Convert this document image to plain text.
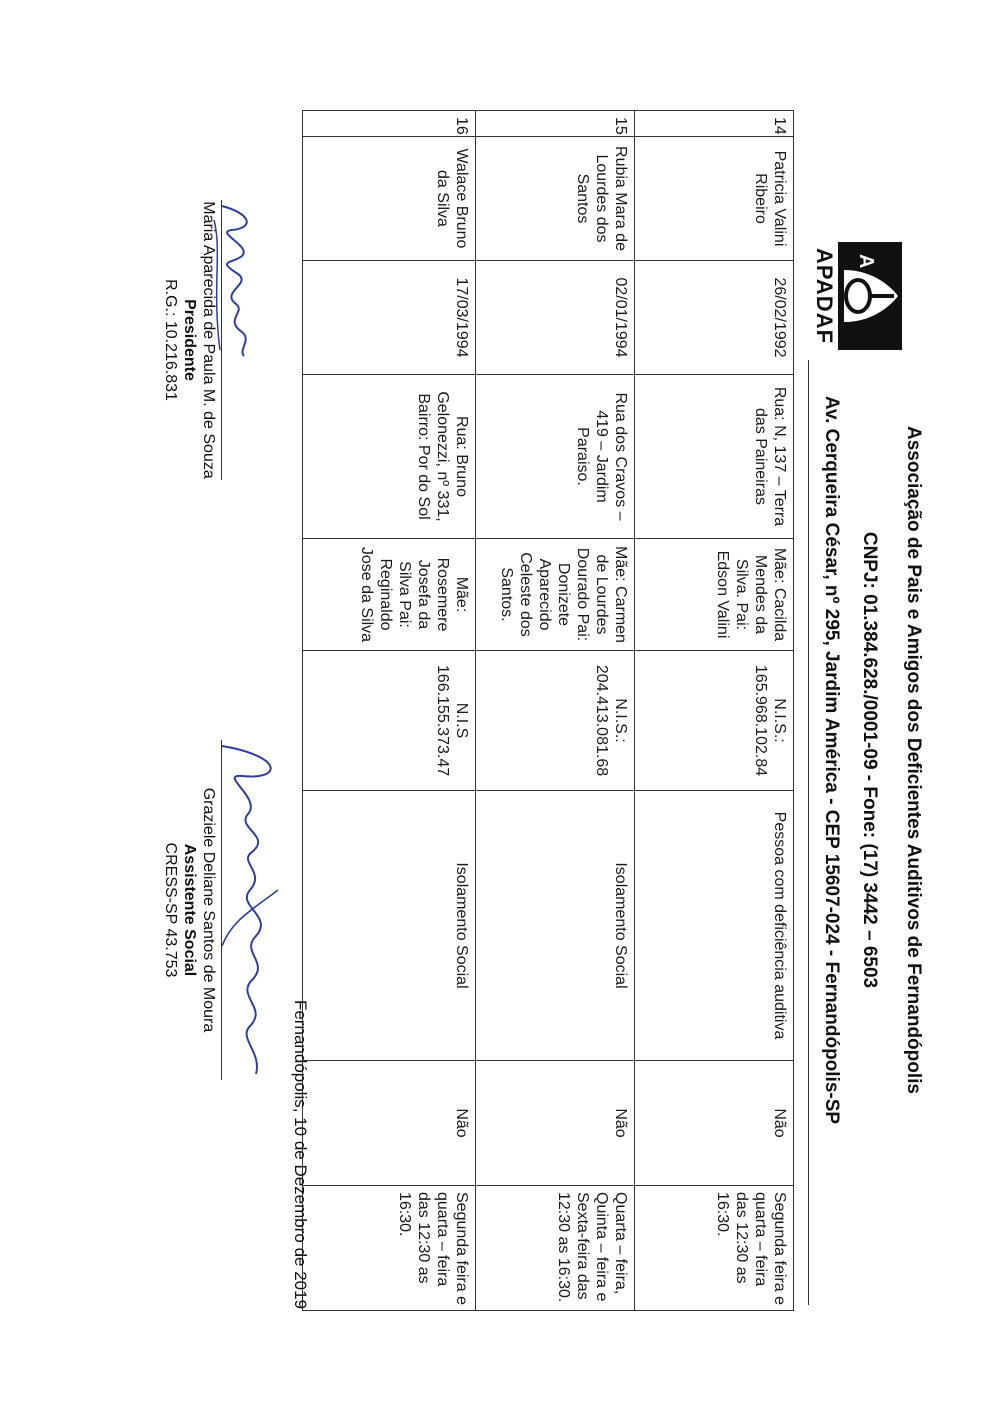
A
APADAF
Associação de Pais e Amigos dos Deficientes Auditivos de Fernandópolis
CNPJ: 01.384.628./0001-09 - Fone: (17) 3442 – 6503
Av. Cerqueira César, nº 295, Jardim América - CEP 15607-024 - Fernandópolis-SP
14	Patricia Valini Ribeiro	26/02/1992	Rua: N, 137 – Terra das Paineiras	Mãe: Cacilda Mendes da Silva. Pai: Edson Valini	N.I.S.: 165.968.102.84	Pessoa com deficiência auditiva	Não	Segunda feira e quarta – feira das 12:30 as 16:30.
15	Rubia Mara de Lourdes dos Santos	02/01/1994	Rua dos Cravos – 419 – Jardim Paraiso.	Mãe: Carmen de Lourdes Dourado Pai: Donizete Aparecido Celeste dos Santos.	N.I.S.: 204.413.081.68	Isolamento Social	Não	Quarta – feira, Quinta – feira e Sexta-feira das 12:30 as 16:30.
16	Walace Bruno da Silva	17/03/1994	Rua: Bruno Gelonezzi, nº 331, Bairro: Por do Sol	Mãe: Rosemere Josefa da Silva Pai: Reginaldo Jose da Silva	N.I.S 166.155.373.47	Isolamento Social	Não	Segunda feira e quarta – feira das 12:30 as 16:30.
Fernandópolis, 10 de Dezembro de 2019
Maria Aparecida de Paula M. de Souza
Presidente
R.G.: 10.216.831
Graziele Deliane Santos de Moura
Assistente Social
CRESS-SP 43.753
